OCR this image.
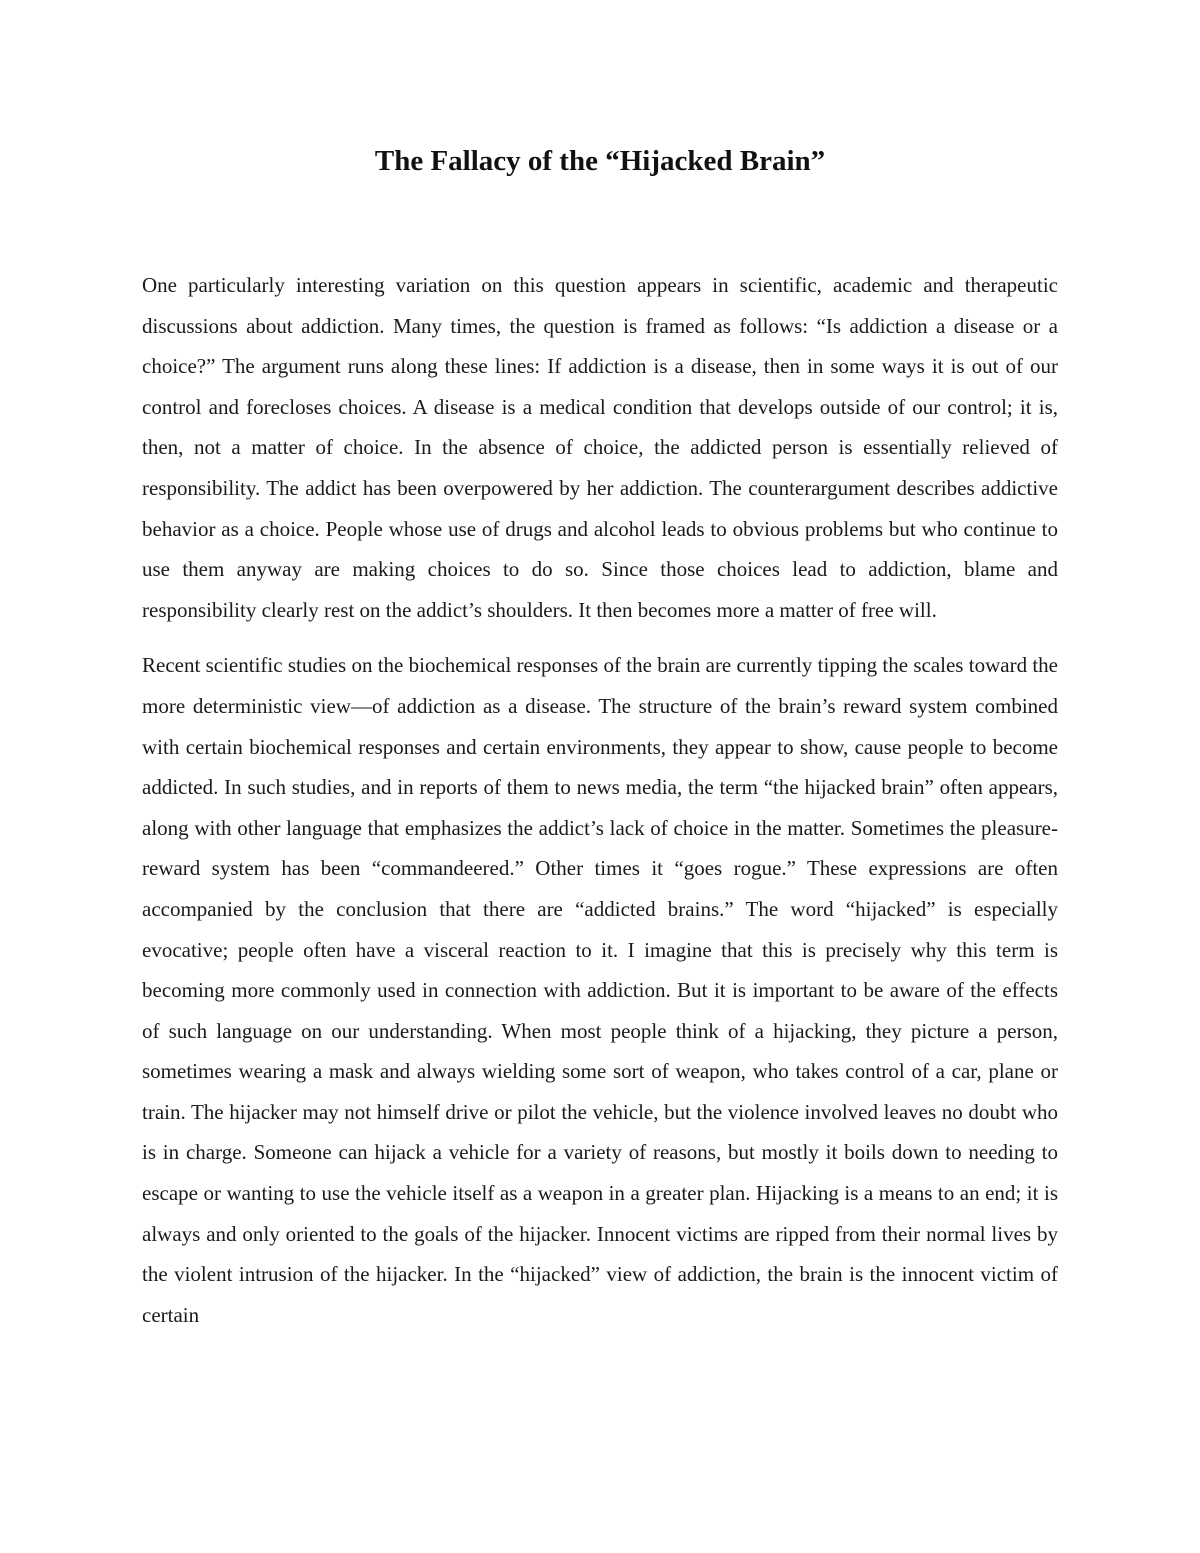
The Fallacy of the “Hijacked Brain”

One particularly interesting variation on this question appears in scientific, academic and therapeutic discussions about addiction. Many times, the question is framed as follows: “Is addiction a disease or a choice?” The argument runs along these lines: If addiction is a disease, then in some ways it is out of our control and forecloses choices. A disease is a medical condition that develops outside of our control; it is, then, not a matter of choice. In the absence of choice, the addicted person is essentially relieved of responsibility. The addict has been overpowered by her addiction. The counterargument describes addictive behavior as a choice. People whose use of drugs and alcohol leads to obvious problems but who continue to use them anyway are making choices to do so. Since those choices lead to addiction, blame and responsibility clearly rest on the addict’s shoulders. It then becomes more a matter of free will.

Recent scientific studies on the biochemical responses of the brain are currently tipping the scales toward the more deterministic view—of addiction as a disease. The structure of the brain’s reward system combined with certain biochemical responses and certain environments, they appear to show, cause people to become addicted. In such studies, and in reports of them to news media, the term “the hijacked brain” often appears, along with other language that emphasizes the addict’s lack of choice in the matter. Sometimes the pleasure-reward system has been “commandeered.” Other times it “goes rogue.” These expressions are often accompanied by the conclusion that there are “addicted brains.” The word “hijacked” is especially evocative; people often have a visceral reaction to it. I imagine that this is precisely why this term is becoming more commonly used in connection with addiction. But it is important to be aware of the effects of such language on our understanding. When most people think of a hijacking, they picture a person, sometimes wearing a mask and always wielding some sort of weapon, who takes control of a car, plane or train. The hijacker may not himself drive or pilot the vehicle, but the violence involved leaves no doubt who is in charge. Someone can hijack a vehicle for a variety of reasons, but mostly it boils down to needing to escape or wanting to use the vehicle itself as a weapon in a greater plan. Hijacking is a means to an end; it is always and only oriented to the goals of the hijacker. Innocent victims are ripped from their normal lives by the violent intrusion of the hijacker. In the “hijacked” view of addiction, the brain is the innocent victim of certain
